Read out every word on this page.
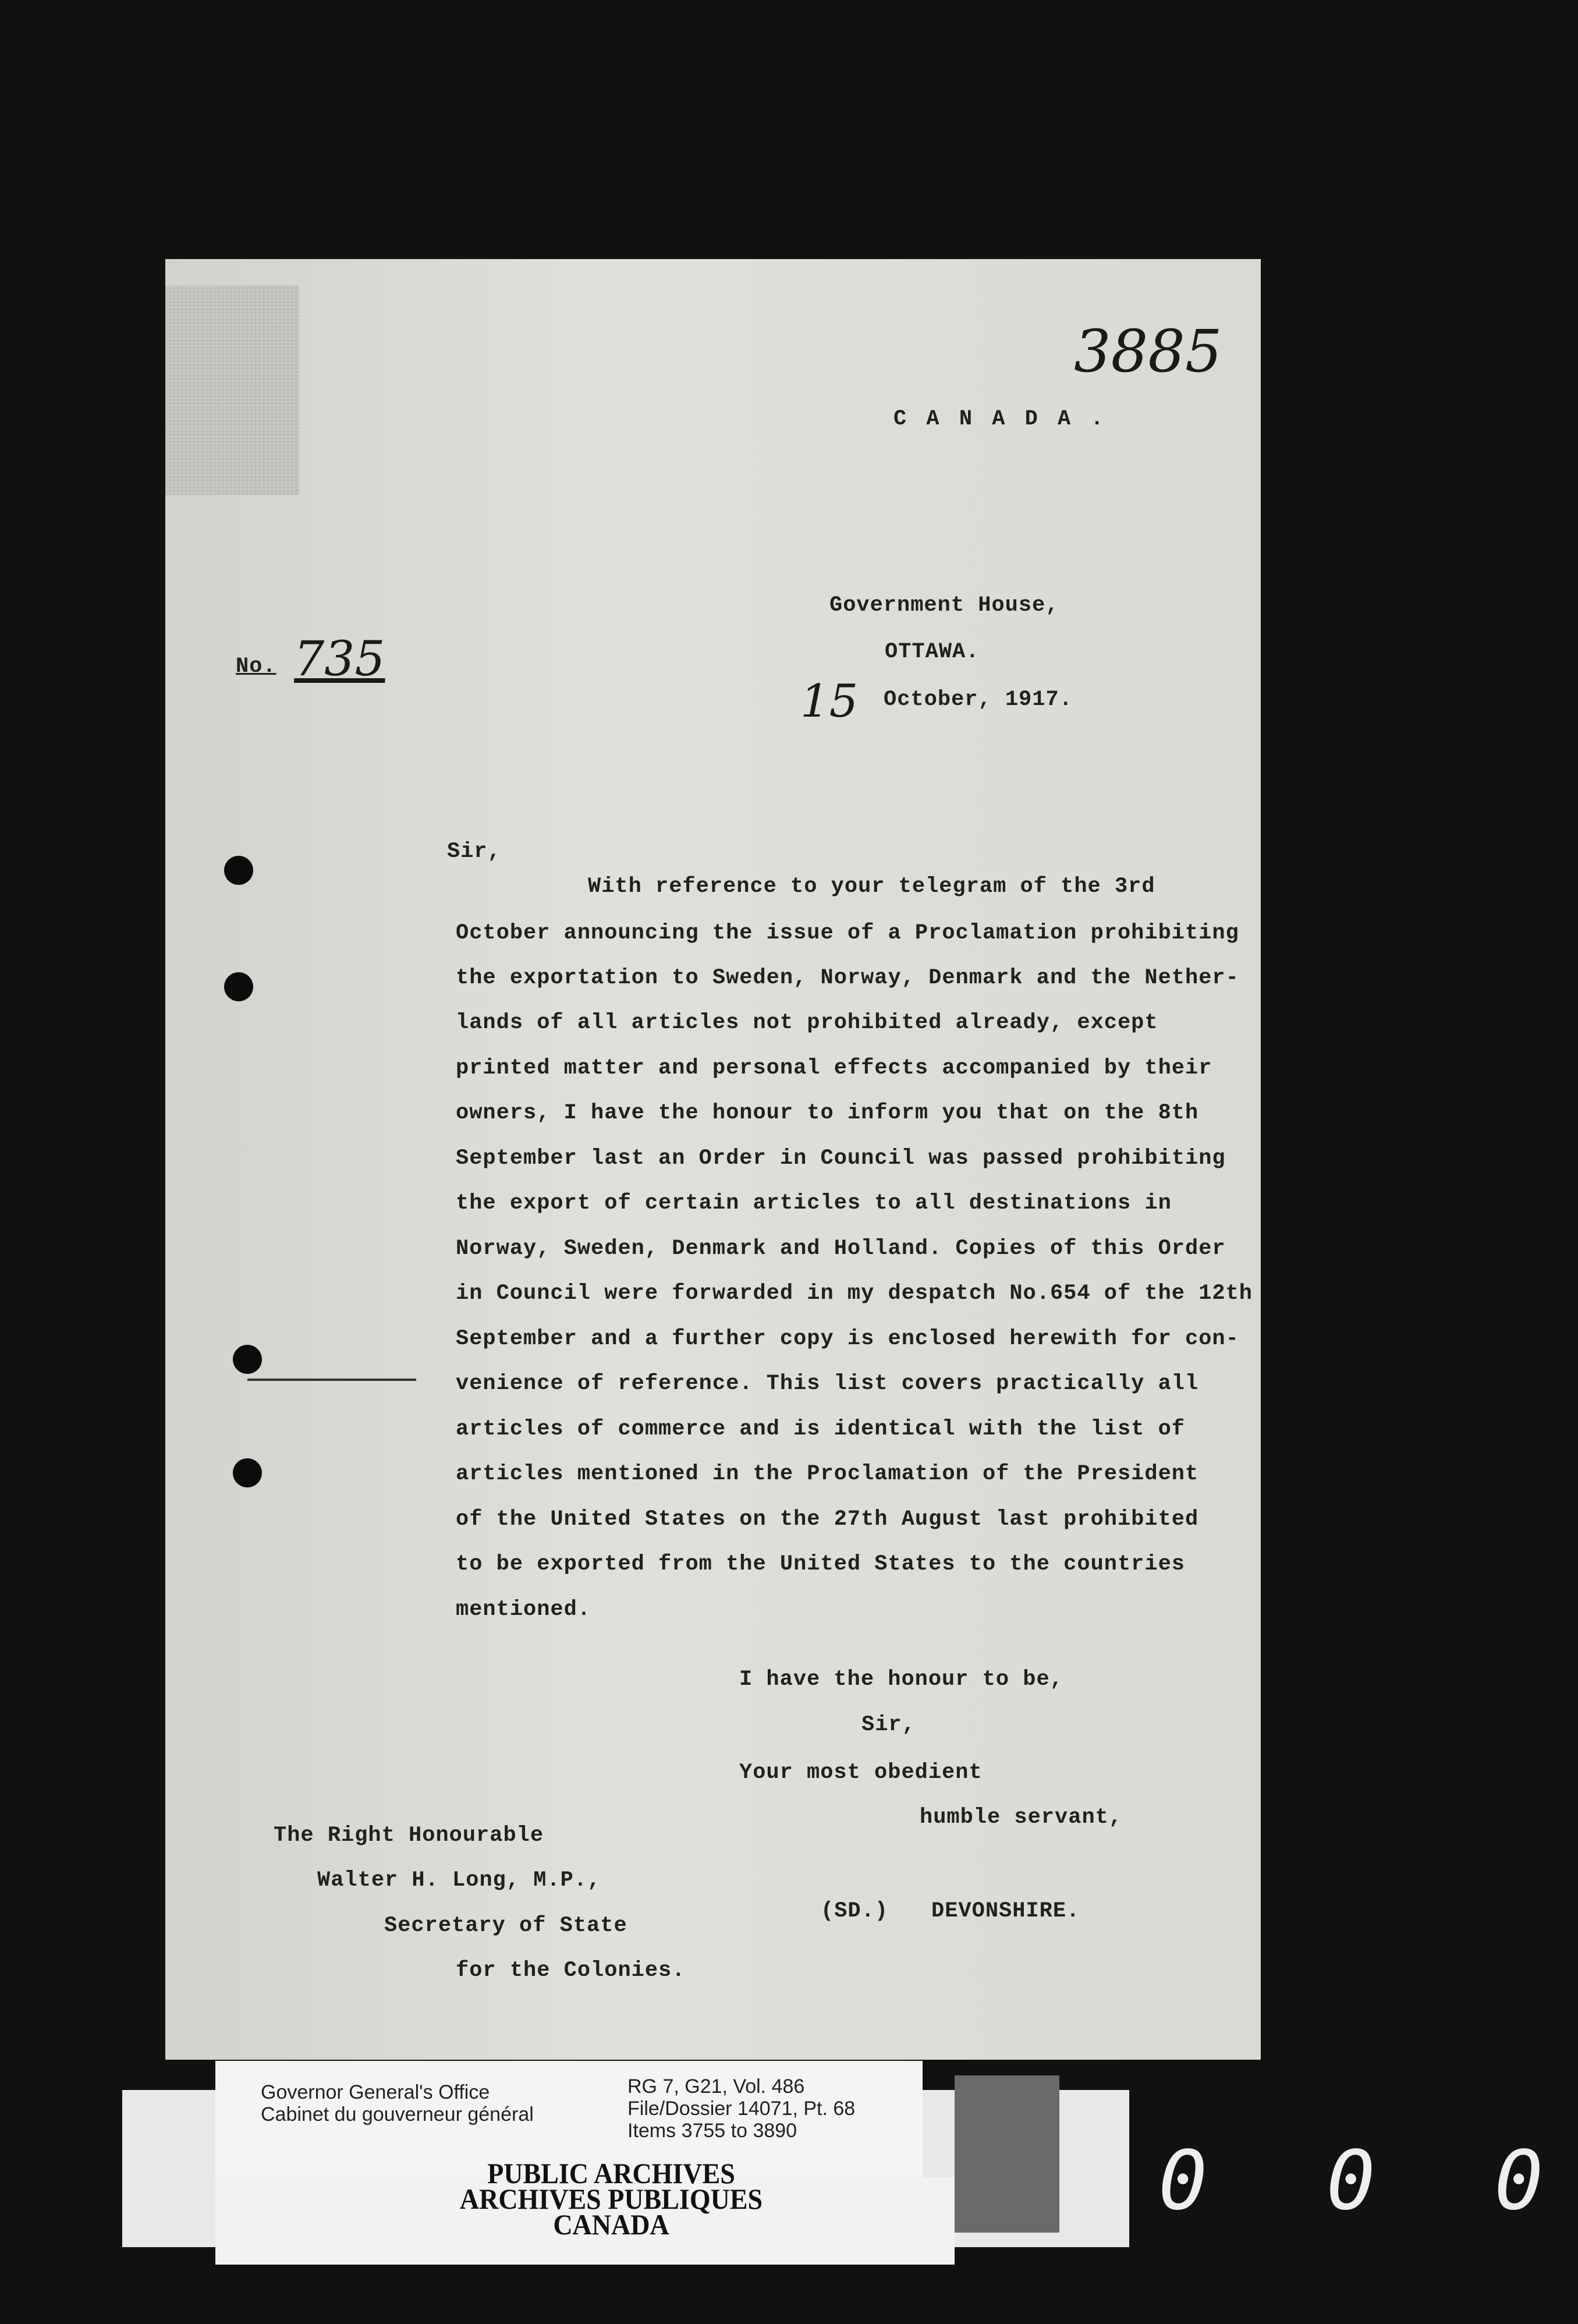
3885
C A N A D A .
Government House,
OTTAWA.
No. 735
15 October, 1917.
Sir,
With reference to your telegram of the 3rd
October announcing the issue of a Proclamation prohibiting
the exportation to Sweden, Norway, Denmark and the Nether-
lands of all articles not prohibited already, except
printed matter and personal effects accompanied by their
owners, I have the honour to inform you that on the 8th
September last an Order in Council was passed prohibiting
the export of certain articles to all destinations in
Norway, Sweden, Denmark and Holland. Copies of this Order
in Council were forwarded in my despatch No.654 of the 12th
September and a further copy is enclosed herewith for con-
venience of reference. This list covers practically all
articles of commerce and is identical with the list of
articles mentioned in the Proclamation of the President
of the United States on the 27th August last prohibited
to be exported from the United States to the countries
mentioned.
I have the honour to be,
Sir,
Your most obedient
humble servant,
(SD.) DEVONSHIRE.
The Right Honourable
Walter H. Long, M.P.,
Secretary of State
for the Colonies.
Governor General's Office
Cabinet du gouverneur général
RG 7, G21, Vol. 486
File/Dossier 14071, Pt. 68
Items 3755 to 3890
PUBLIC ARCHIVES
ARCHIVES PUBLIQUES
CANADA	0 0 0
